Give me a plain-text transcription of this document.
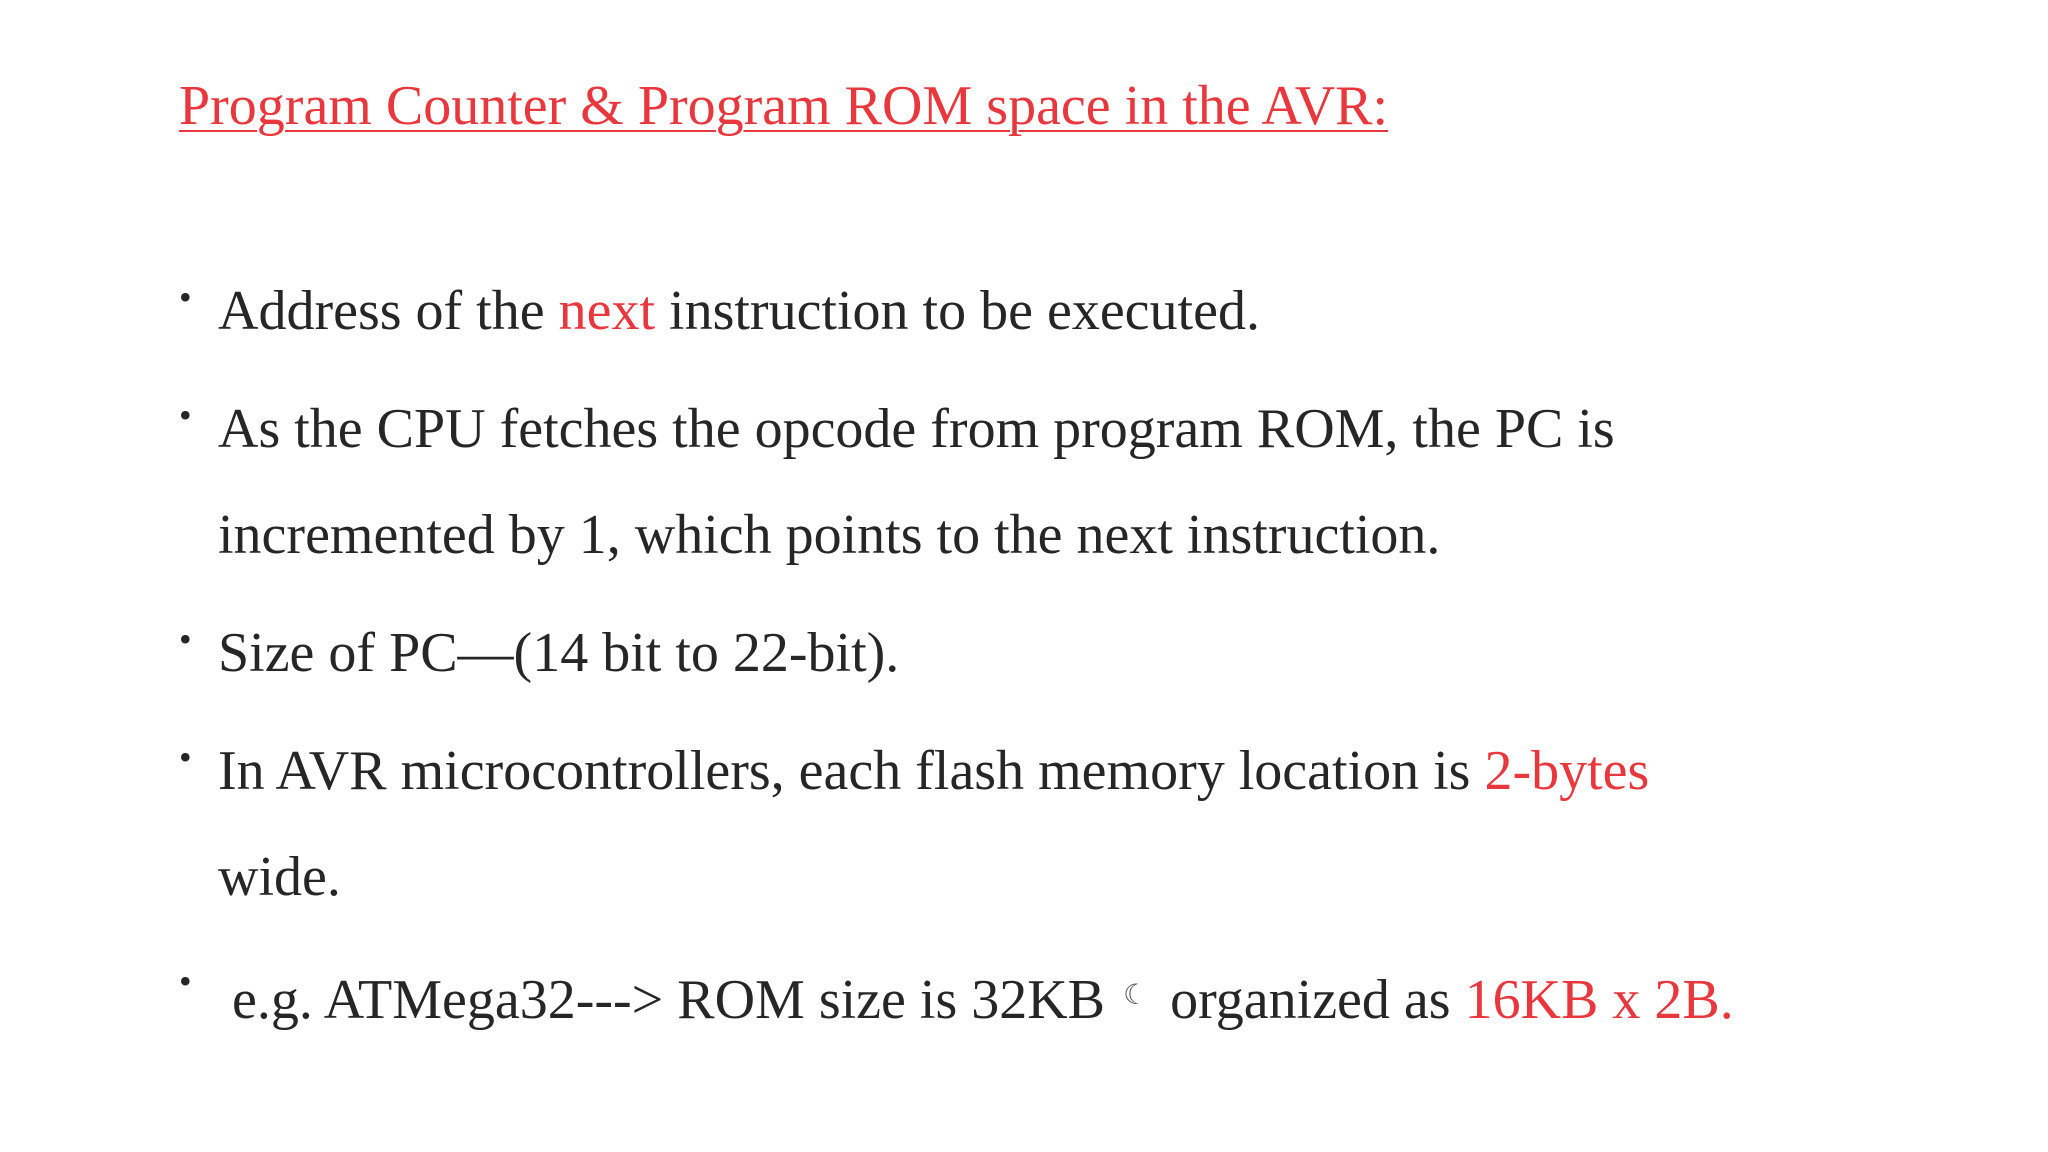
Program Counter & Program ROM space in the AVR:
• Address of the next instruction to be executed.
• As the CPU fetches the opcode from program ROM, the PC is
incremented by 1, which points to the next instruction.
• Size of PC—(14 bit to 22-bit).
• In AVR microcontrollers, each flash memory location is 2-bytes
wide.
• e.g. ATMega32---> ROM size is 32KB ☾ organized as 16KB x 2B.
